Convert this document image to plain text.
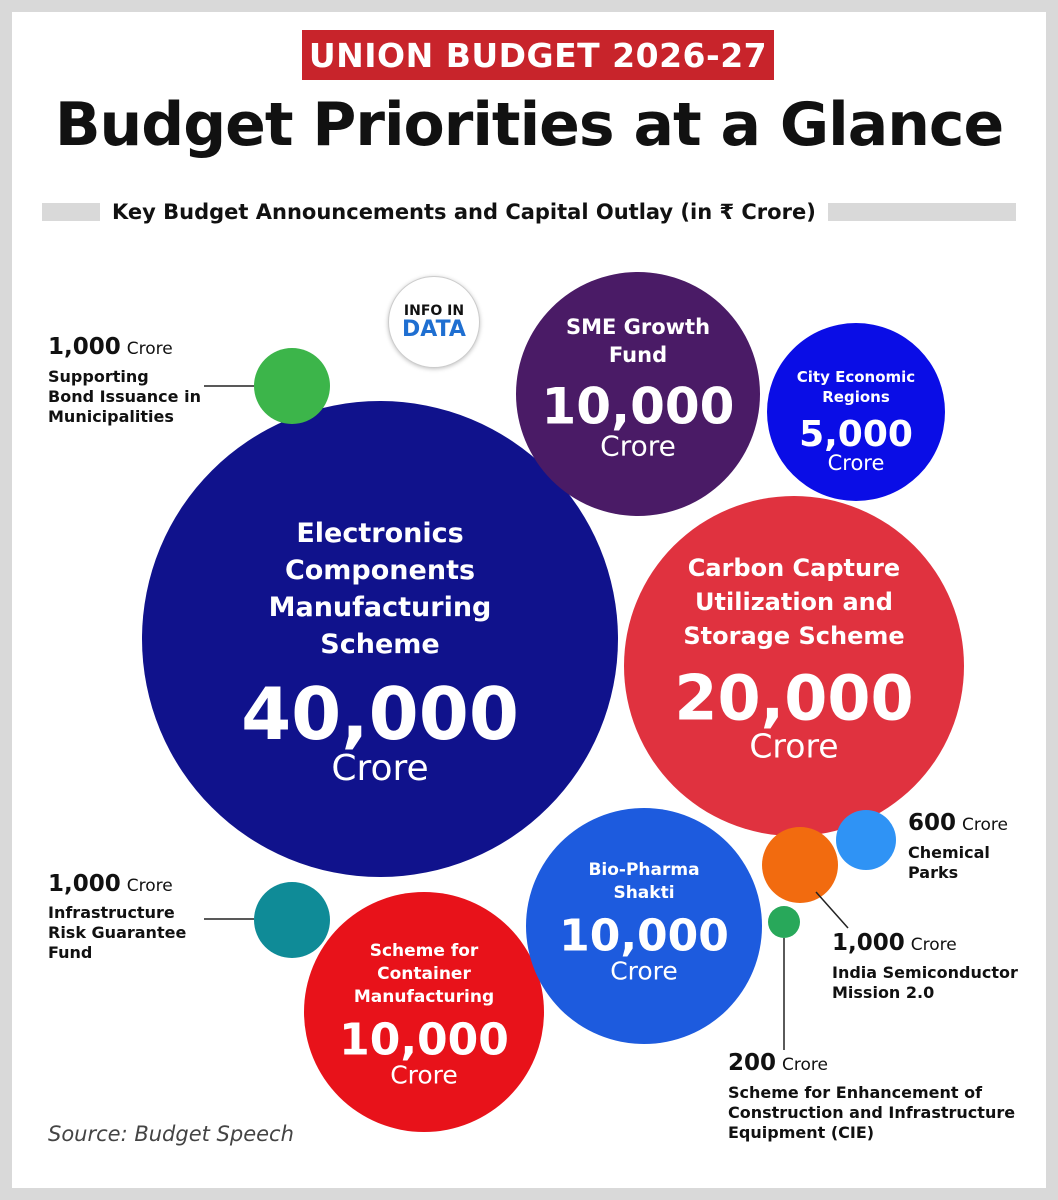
UNION BUDGET 2026-27
Budget Priorities at a Glance
Key Budget Announcements and Capital Outlay (in ₹ Crore)
Electronics
Components
Manufacturing
Scheme
40,000
Crore
Carbon Capture
Utilization and
Storage Scheme
20,000
Crore
SME Growth
Fund
10,000
Crore
Scheme for
Container
Manufacturing
10,000
Crore
Bio-Pharma
Shakti
10,000
Crore
City Economic
Regions
5,000
Crore
1,000 Crore
Supporting
Bond Issuance in
Municipalities
1,000 Crore
Infrastructure
Risk Guarantee
Fund	1,000 Crore
India Semiconductor
Mission 2.0
600 Crore
Chemical
Parks
200 Crore
Scheme for Enhancement of
Construction and Infrastructure
Equipment (CIE)
INFO IN
DATA
Source: Budget Speech
